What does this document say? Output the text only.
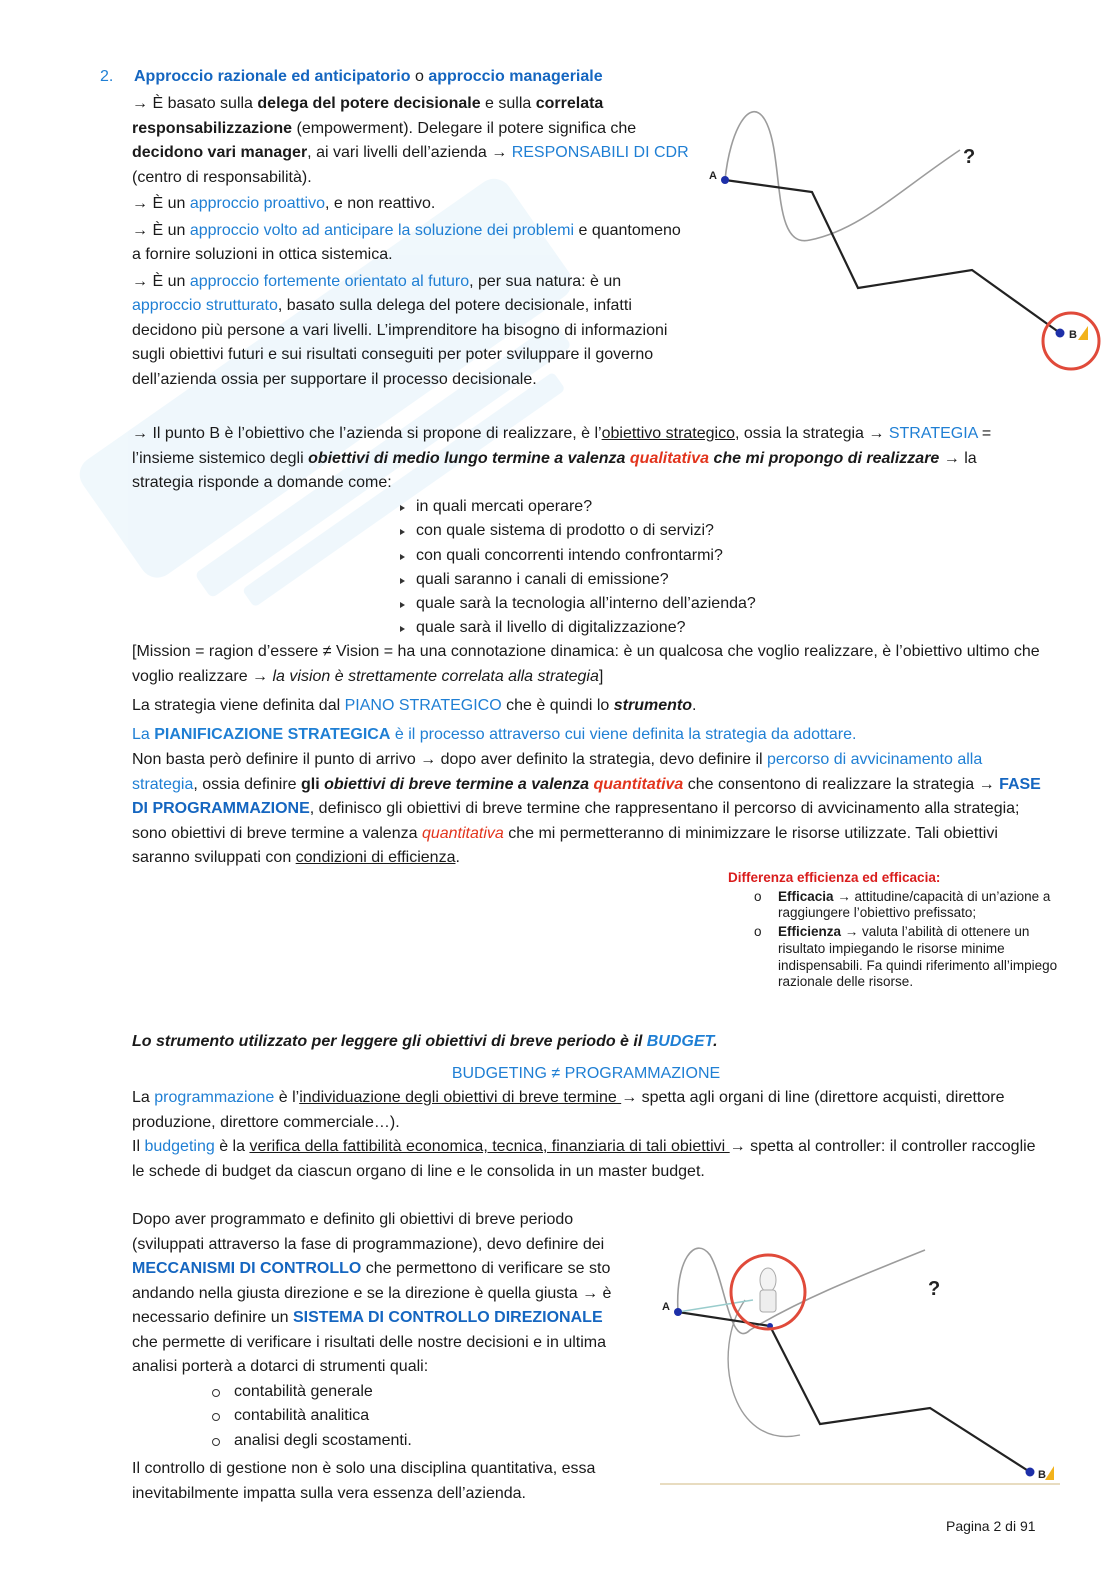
2. Approccio razionale ed anticipatorio o approccio manageriale
→ È basato sulla delega del potere decisionale e sulla correlata responsabilizzazione (empowerment). Delegare il potere significa che decidono vari manager, ai vari livelli dell’azienda → RESPONSABILI DI CDR (centro di responsabilità).
→ È un approccio proattivo, e non reattivo.
→ È un approccio volto ad anticipare la soluzione dei problemi e quantomeno a fornire soluzioni in ottica sistemica.
→ È un approccio fortemente orientato al futuro, per sua natura: è un approccio strutturato, basato sulla delega del potere decisionale, infatti decidono più persone a vari livelli. L’imprenditore ha bisogno di informazioni sugli obiettivi futuri e sui risultati conseguiti per poter sviluppare il governo dell’azienda ossia per supportare il processo decisionale.
A
?
B
→ Il punto B è l’obiettivo che l’azienda si propone di realizzare, è l’obiettivo strategico, ossia la strategia → STRATEGIA = l’insieme sistemico degli obiettivi di medio lungo termine a valenza qualitativa che mi propongo di realizzare → la strategia risponde a domande come:
in quali mercati operare?
con quale sistema di prodotto o di servizi?
con quali concorrenti intendo confrontarmi?
quali saranno i canali di emissione?
quale sarà la tecnologia all’interno dell’azienda?
quale sarà il livello di digitalizzazione?
[Mission = ragion d’essere ≠ Vision = ha una connotazione dinamica: è un qualcosa che voglio realizzare, è l’obiettivo ultimo che voglio realizzare → la vision è strettamente correlata alla strategia]
La strategia viene definita dal PIANO STRATEGICO che è quindi lo strumento.
La PIANIFICAZIONE STRATEGICA è il processo attraverso cui viene definita la strategia da adottare.
Non basta però definire il punto di arrivo → dopo aver definito la strategia, devo definire il percorso di avvicinamento alla strategia, ossia definire gli obiettivi di breve termine a valenza quantitativa che consentono di realizzare la strategia → FASE DI PROGRAMMAZIONE, definisco gli obiettivi di breve termine che rappresentano il percorso di avvicinamento alla strategia; sono obiettivi di breve termine a valenza quantitativa che mi permetteranno di minimizzare le risorse utilizzate. Tali obiettivi saranno sviluppati con condizioni di efficienza.
Differenza efficienza ed efficacia:
o Efficacia → attitudine/capacità di un’azione a raggiungere l’obiettivo prefissato;
o Efficienza → valuta l’abilità di ottenere un risultato impiegando le risorse minime indispensabili. Fa quindi riferimento all’impiego razionale delle risorse.
Lo strumento utilizzato per leggere gli obiettivi di breve periodo è il BUDGET.
BUDGETING ≠ PROGRAMMAZIONE
La programmazione è l’individuazione degli obiettivi di breve termine → spetta agli organi di line (direttore acquisti, direttore produzione, direttore commerciale…).
Il budgeting è la verifica della fattibilità economica, tecnica, finanziaria di tali obiettivi → spetta al controller: il controller raccoglie le schede di budget da ciascun organo di line e le consolida in un master budget.
Dopo aver programmato e definito gli obiettivi di breve periodo (sviluppati attraverso la fase di programmazione), devo definire dei MECCANISMI DI CONTROLLO che permettono di verificare se sto andando nella giusta direzione e se la direzione è quella giusta → è necessario definire un SISTEMA DI CONTROLLO DIREZIONALE che permette di verificare i risultati delle nostre decisioni e in ultima analisi porterà a dotarci di strumenti quali:
contabilità generale
contabilità analitica
analisi degli scostamenti.
Il controllo di gestione non è solo una disciplina quantitativa, essa inevitabilmente impatta sulla vera essenza dell’azienda.
A
?
B
Pagina 2 di 91
